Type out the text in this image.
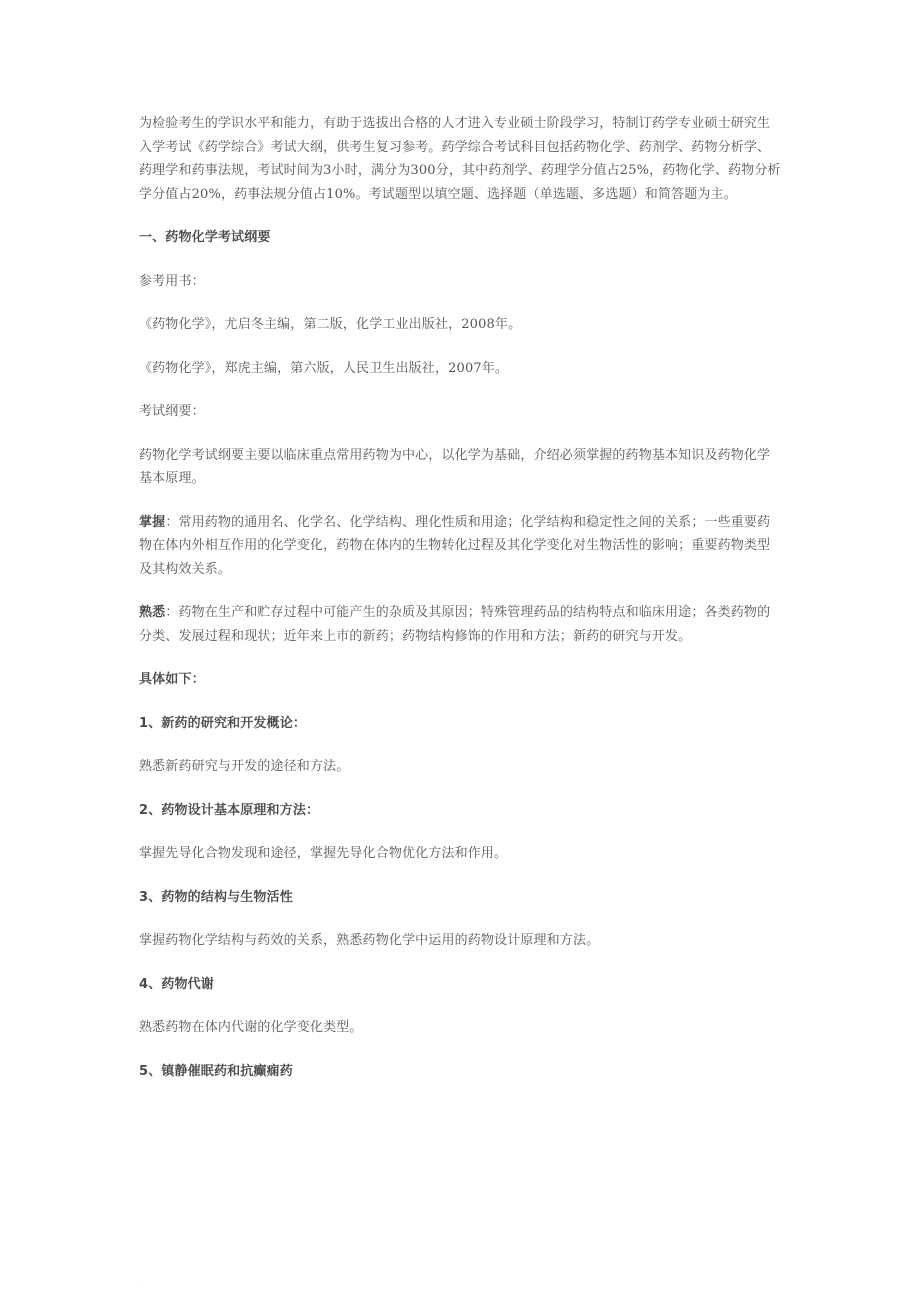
为检验考生的学识水平和能力，有助于选拔出合格的人才进入专业硕士阶段学习，特制订药学专业硕士研究生入学考试《药学综合》考试大纲，供考生复习参考。药学综合考试科目包括药物化学、药剂学、药物分析学、药理学和药事法规，考试时间为3小时，满分为300分，其中药剂学、药理学分值占25%，药物化学、药物分析学分值占20%，药事法规分值占10%。考试题型以填空题、选择题（单选题、多选题）和简答题为主。

一、药物化学考试纲要

参考用书：

《药物化学》，尤启冬主编，第二版，化学工业出版社，2008年。

《药物化学》，郑虎主编，第六版，人民卫生出版社，2007年。

考试纲要：

药物化学考试纲要主要以临床重点常用药物为中心，以化学为基础，介绍必须掌握的药物基本知识及药物化学基本原理。

掌握：常用药物的通用名、化学名、化学结构、理化性质和用途；化学结构和稳定性之间的关系；一些重要药物在体内外相互作用的化学变化，药物在体内的生物转化过程及其化学变化对生物活性的影响；重要药物类型及其构效关系。

熟悉：药物在生产和贮存过程中可能产生的杂质及其原因；特殊管理药品的结构特点和临床用途；各类药物的分类、发展过程和现状；近年来上市的新药；药物结构修饰的作用和方法；新药的研究与开发。

具体如下：

1、新药的研究和开发概论：

熟悉新药研究与开发的途径和方法。

2、药物设计基本原理和方法：

掌握先导化合物发现和途径，掌握先导化合物优化方法和作用。

3、药物的结构与生物活性

掌握药物化学结构与药效的关系，熟悉药物化学中运用的药物设计原理和方法。

4、药物代谢

熟悉药物在体内代谢的化学变化类型。

5、镇静催眠药和抗癫痫药

.
